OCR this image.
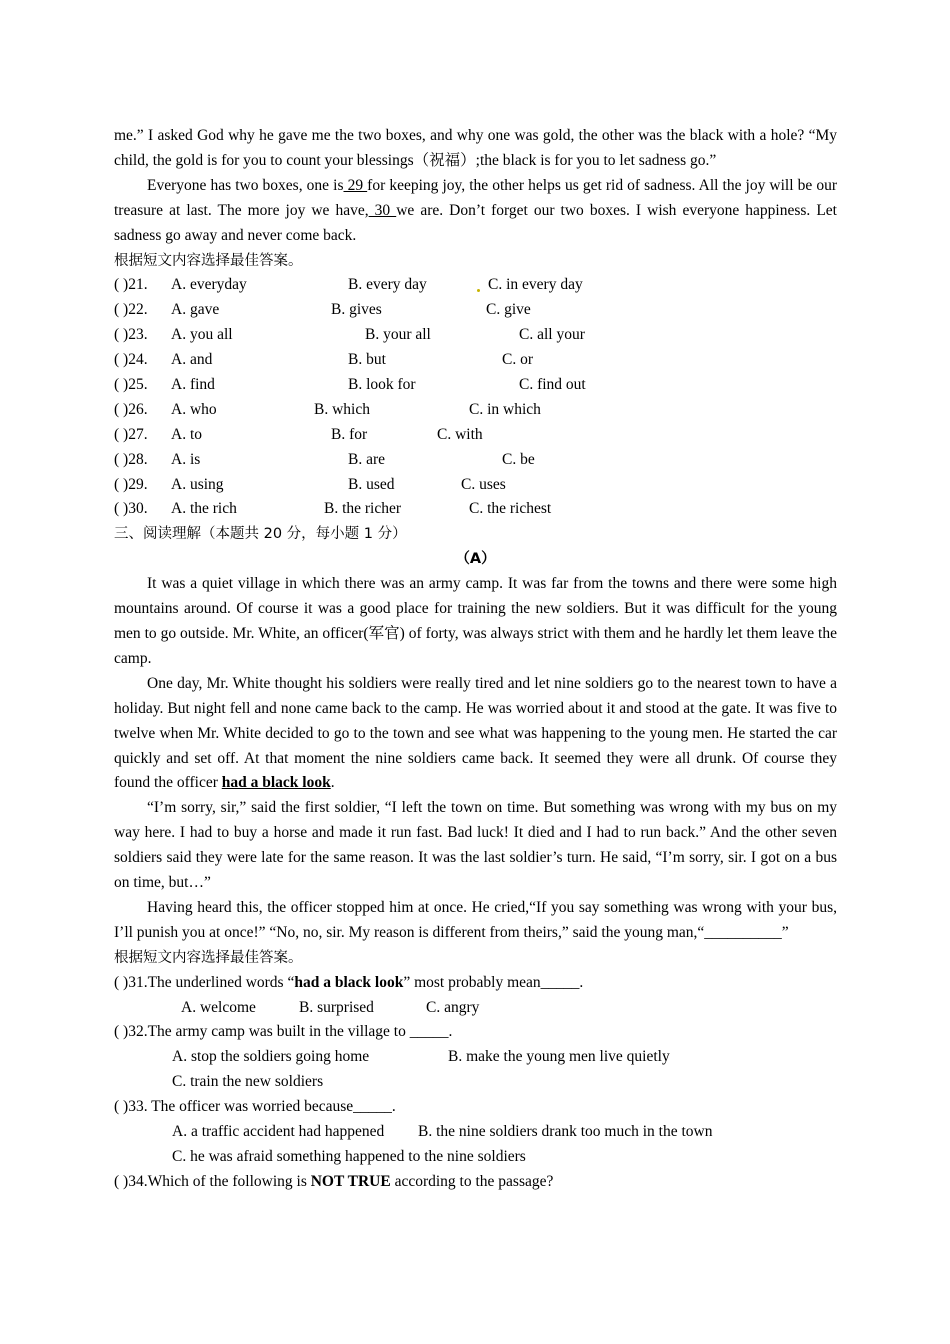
me.” I asked God why he gave me the two boxes, and why one was gold, the other was the black with a hole? “My child, the gold is for you to count your blessings（祝福）;the black is for you to let sadness go.”

Everyone has two boxes, one is 29 for keeping joy, the other helps us get rid of sadness. All the joy will be our treasure at last. The more joy we have, 30 we are. Don’t forget our two boxes. I wish everyone happiness. Let sadness go away and never come back.

根据短文内容选择最佳答案。

( )21. A. everyday	B. every day	C. in every day
( )22. A. gave	B. gives	C. give
( )23. A. you all	B. your all	C. all your
( )24. A. and	B. but	C. or
( )25. A. find	B. look for	C. find out
( )26. A. who	B. which	C. in which
( )27. A. to	B. for	C. with
( )28. A. is	B. are	C. be
( )29. A. using	B. used	C. uses
( )30. A. the rich	B. the richer	C. the richest

三、阅读理解（本题共 20 分，每小题 1 分）

（A）

It was a quiet village in which there was an army camp. It was far from the towns and there were some high mountains around. Of course it was a good place for training the new soldiers. But it was difficult for the young men to go outside. Mr. White, an officer(军官) of forty, was always strict with them and he hardly let them leave the camp.

One day, Mr. White thought his soldiers were really tired and let nine soldiers go to the nearest town to have a holiday. But night fell and none came back to the camp. He was worried about it and stood at the gate. It was five to twelve when Mr. White decided to go to the town and see what was happening to the young men. He started the car quickly and set off. At that moment the nine soldiers came back. It seemed they were all drunk. Of course they found the officer had a black look.

“I’m sorry, sir,” said the first soldier, “I left the town on time. But something was wrong with my bus on my way here. I had to buy a horse and made it run fast. Bad luck! It died and I had to run back.” And the other seven soldiers said they were late for the same reason. It was the last soldier’s turn. He said, “I’m sorry, sir. I got on a bus on time, but…”

Having heard this, the officer stopped him at once. He cried,“If you say something was wrong with your bus, I’ll punish you at once!” “No, no, sir. My reason is different from theirs,” said the young man,“__________”

根据短文内容选择最佳答案。

( )31.The underlined words “had a black look” most probably mean_____.
A. welcome	B. surprised	C. angry
( )32.The army camp was built in the village to _____.
A. stop the soldiers going home	B. make the young men live quietly
C. train the new soldiers
( )33. The officer was worried because_____.
A. a traffic accident had happened B. the nine soldiers drank too much in the town
C. he was afraid something happened to the nine soldiers
( )34.Which of the following is NOT TRUE according to the passage?
